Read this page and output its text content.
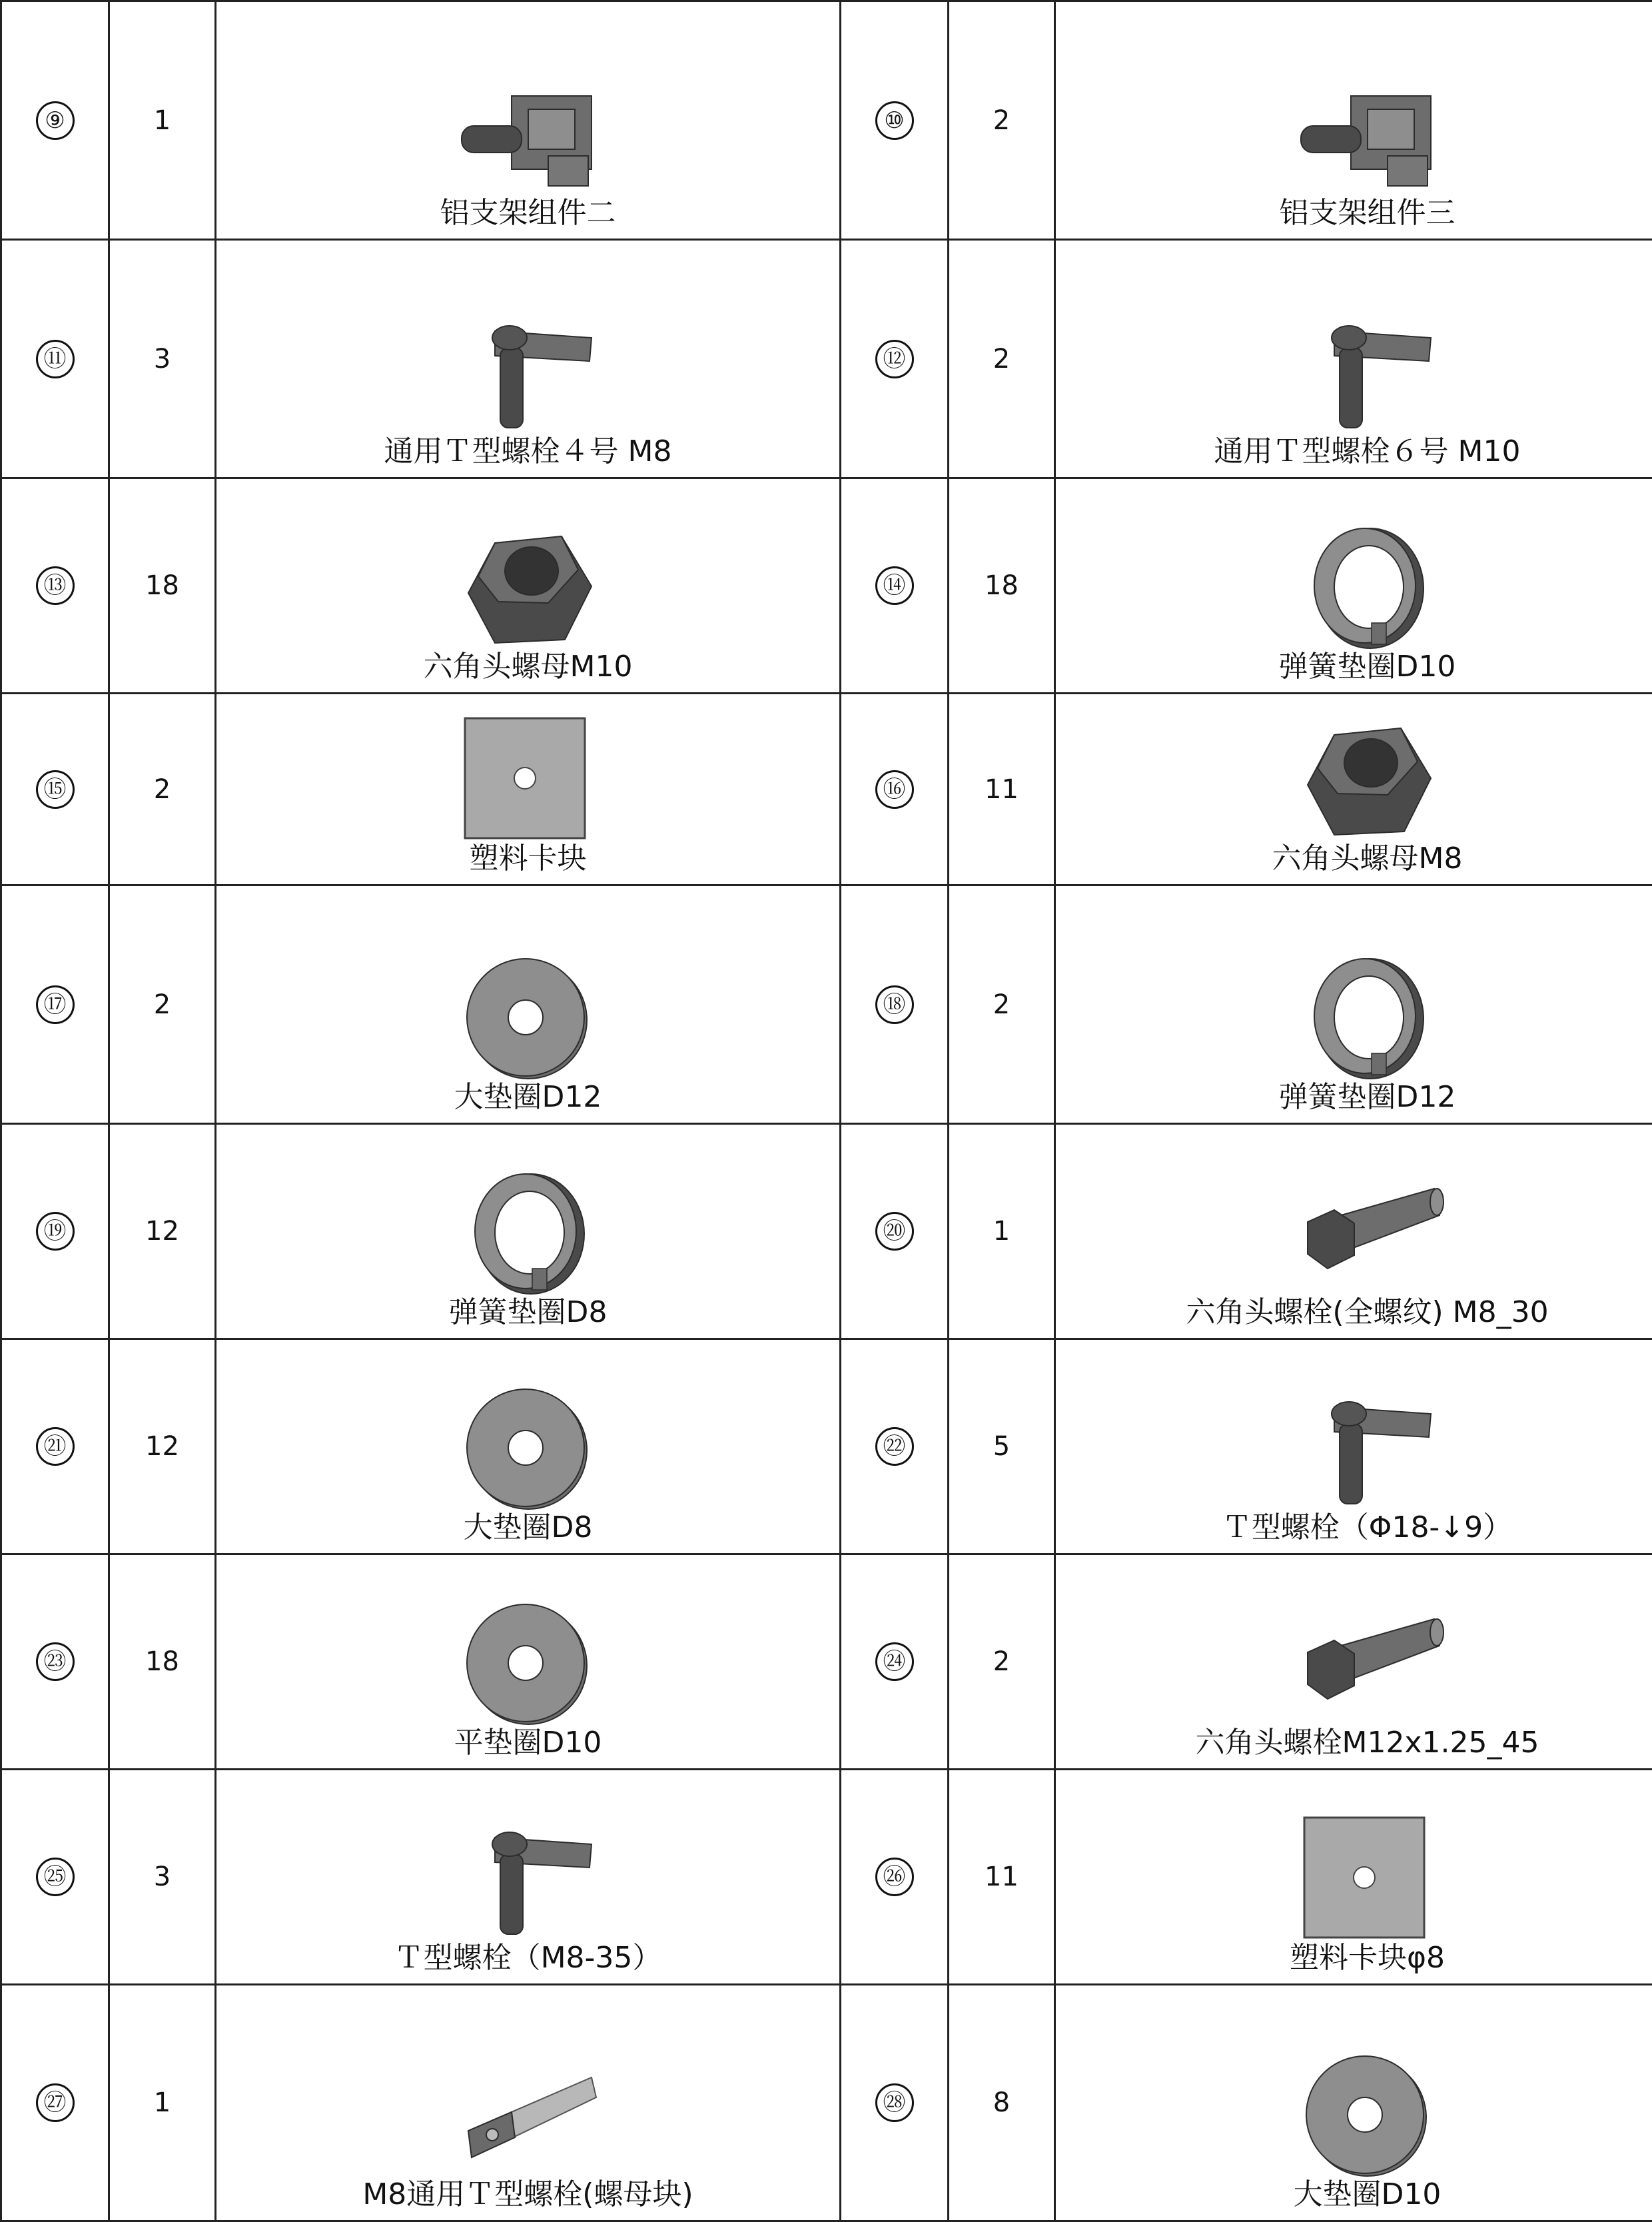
⑨	1	铝支架组件二	⑩	2	铝支架组件三

⑪	3	通用Ｔ型螺栓４号 M8	⑫	2	通用Ｔ型螺栓６号 M10

⑬	18	六角头螺母M10	⑭	18	弹簧垫圈D10

⑮	2	塑料卡块	⑯	11	六角头螺母M8

⑰	2	大垫圈D12	⑱	2	弹簧垫圈D12

⑲	12	弹簧垫圈D8	⑳	1	六角头螺栓(全螺纹) M8_30

㉑	12	大垫圈D8	㉒	5	Ｔ型螺栓（Φ18-↓9）

㉓	18	平垫圈D10	㉔	2	六角头螺栓M12x1.25_45

㉕	3	Ｔ型螺栓（M8-35）	㉖	11	塑料卡块φ8

㉗	1	M8通用Ｔ型螺栓(螺母块)	㉘	8	大垫圈D10
